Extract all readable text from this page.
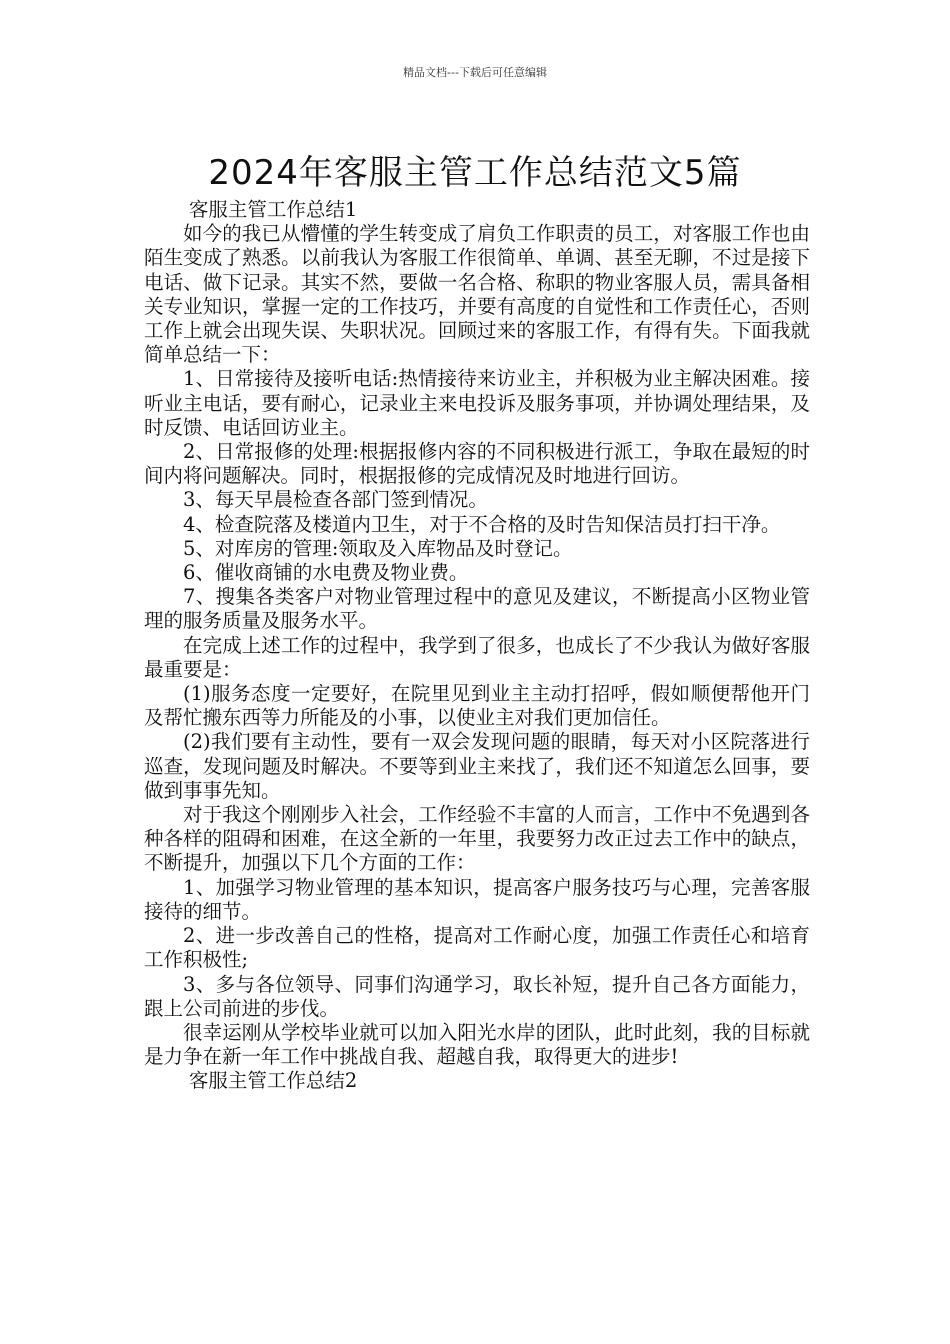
精品文档---下载后可任意编辑
2024年客服主管工作总结范文5篇

客服主管工作总结1

如今的我已从懵懂的学生转变成了肩负工作职责的员工，对客服工作也由陌生变成了熟悉。以前我认为客服工作很简单、单调、甚至无聊，不过是接下电话、做下记录。其实不然，要做一名合格、称职的物业客服人员，需具备相关专业知识，掌握一定的工作技巧，并要有高度的自觉性和工作责任心，否则工作上就会出现失误、失职状况。回顾过来的客服工作，有得有失。下面我就简单总结一下：

1、日常接待及接听电话:热情接待来访业主，并积极为业主解决困难。接听业主电话，要有耐心，记录业主来电投诉及服务事项，并协调处理结果，及时反馈、电话回访业主。

2、日常报修的处理:根据报修内容的不同积极进行派工，争取在最短的时间内将问题解决。同时，根据报修的完成情况及时地进行回访。

3、每天早晨检查各部门签到情况。

4、检查院落及楼道内卫生，对于不合格的及时告知保洁员打扫干净。

5、对库房的管理:领取及入库物品及时登记。

6、催收商铺的水电费及物业费。

7、搜集各类客户对物业管理过程中的意见及建议，不断提高小区物业管理的服务质量及服务水平。

在完成上述工作的过程中，我学到了很多，也成长了不少我认为做好客服最重要是：

(1)服务态度一定要好，在院里见到业主主动打招呼，假如顺便帮他开门及帮忙搬东西等力所能及的小事，以使业主对我们更加信任。

(2)我们要有主动性，要有一双会发现问题的眼睛，每天对小区院落进行巡查，发现问题及时解决。不要等到业主来找了，我们还不知道怎么回事，要做到事事先知。

对于我这个刚刚步入社会，工作经验不丰富的人而言，工作中不免遇到各种各样的阻碍和困难，在这全新的一年里，我要努力改正过去工作中的缺点，不断提升，加强以下几个方面的工作：

1、加强学习物业管理的基本知识，提高客户服务技巧与心理，完善客服接待的细节。

2、进一步改善自己的性格，提高对工作耐心度，加强工作责任心和培育工作积极性;

3、多与各位领导、同事们沟通学习，取长补短，提升自己各方面能力，跟上公司前进的步伐。

很幸运刚从学校毕业就可以加入阳光水岸的团队，此时此刻，我的目标就是力争在新一年工作中挑战自我、超越自我，取得更大的进步!

客服主管工作总结2
